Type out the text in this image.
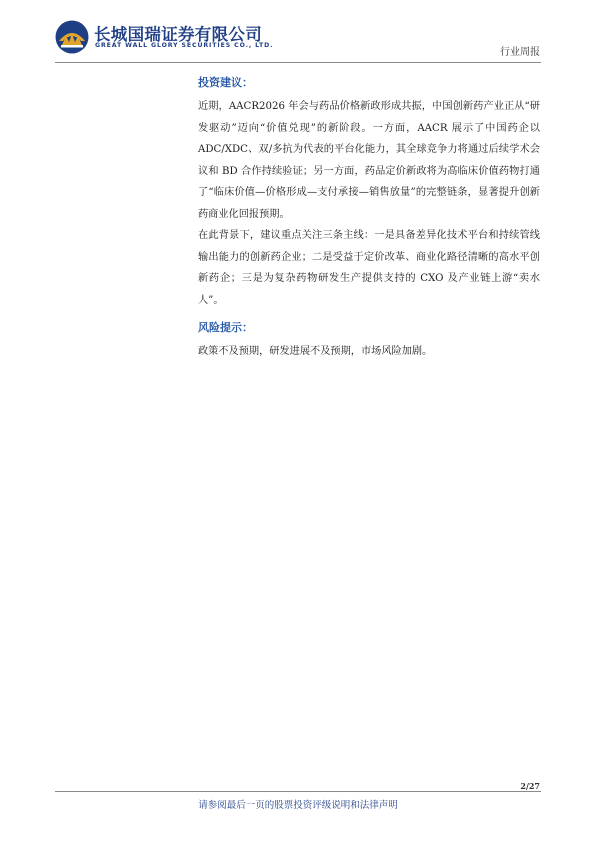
长城国瑞证券有限公司
GREAT WALL GLORY SECURITIES CO., LTD.
行业周报
投资建议：

近期，AACR2026 年会与药品价格新政形成共振，中国创新药产业正从“研发驱动”迈向“价值兑现”的新阶段。一方面，AACR 展示了中国药企以 ADC/XDC、双/多抗为代表的平台化能力，其全球竞争力将通过后续学术会议和 BD 合作持续验证；另一方面，药品定价新政将为高临床价值药物打通了“临床价值—价格形成—支付承接—销售放量”的完整链条，显著提升创新药商业化回报预期。

在此背景下，建议重点关注三条主线：一是具备差异化技术平台和持续管线输出能力的创新药企业；二是受益于定价改革、商业化路径清晰的高水平创新药企；三是为复杂药物研发生产提供支持的 CXO 及产业链上游“卖水人”。

风险提示：

政策不及预期，研发进展不及预期，市场风险加剧。

2/27
请参阅最后一页的股票投资评级说明和法律声明
